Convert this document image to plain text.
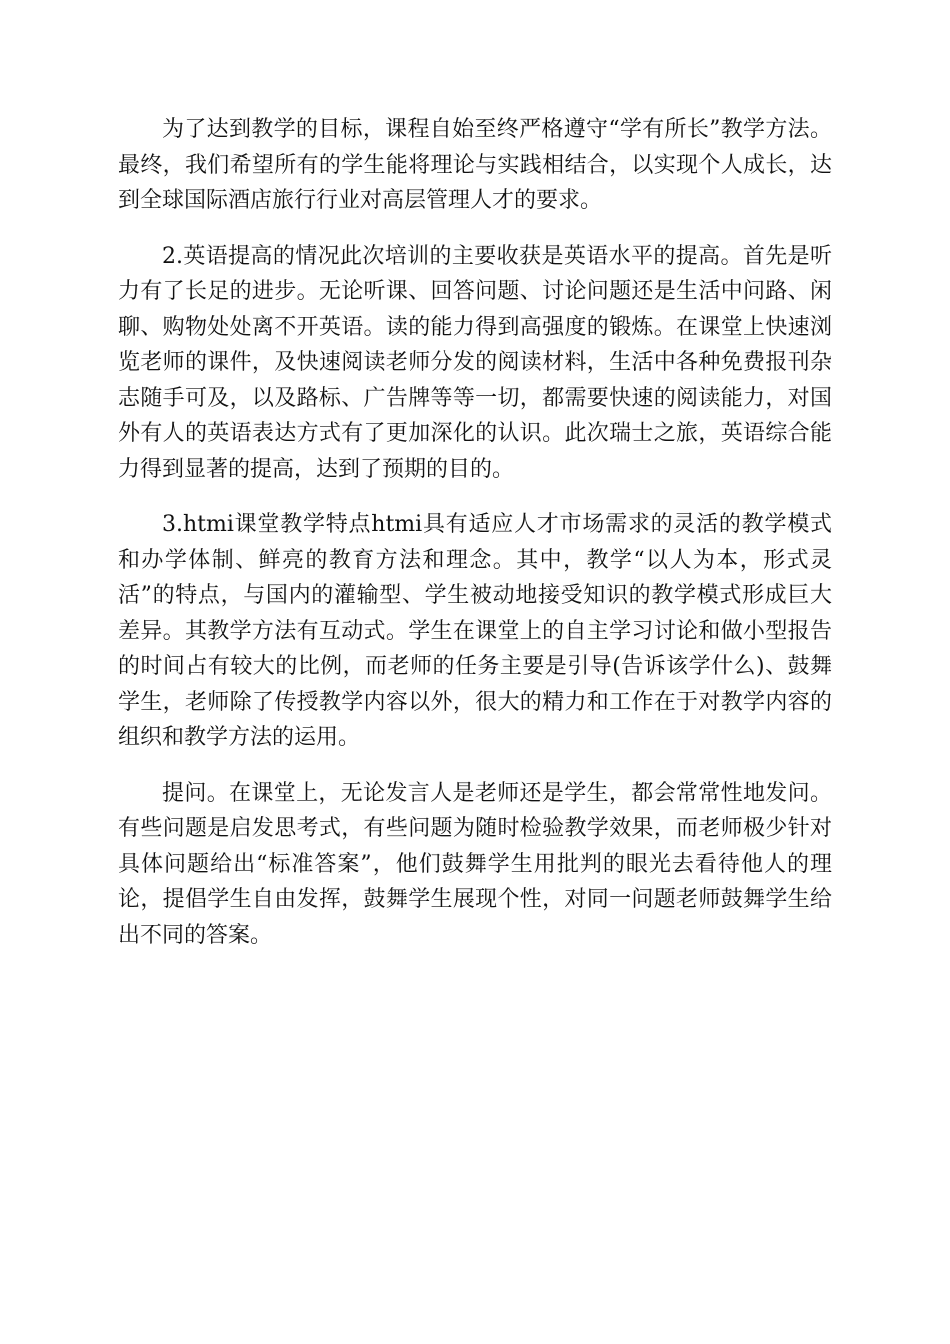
为了达到教学的目标，课程自始至终严格遵守“学有所长”教学方法。最终，我们希望所有的学生能将理论与实践相结合，以实现个人成长，达到全球国际酒店旅行行业对高层管理人才的要求。

2.英语提高的情况此次培训的主要收获是英语水平的提高。首先是听力有了长足的进步。无论听课、回答问题、讨论问题还是生活中问路、闲聊、购物处处离不开英语。读的能力得到高强度的锻炼。在课堂上快速浏览老师的课件，及快速阅读老师分发的阅读材料，生活中各种免费报刊杂志随手可及，以及路标、广告牌等等一切，都需要快速的阅读能力，对国外有人的英语表达方式有了更加深化的认识。此次瑞士之旅，英语综合能力得到显著的提高，达到了预期的目的。

3.htmi课堂教学特点htmi具有适应人才市场需求的灵活的教学模式和办学体制、鲜亮的教育方法和理念。其中，教学“以人为本，形式灵活”的特点，与国内的灌输型、学生被动地接受知识的教学模式形成巨大差异。其教学方法有互动式。学生在课堂上的自主学习讨论和做小型报告的时间占有较大的比例，而老师的任务主要是引导(告诉该学什么)、鼓舞学生，老师除了传授教学内容以外，很大的精力和工作在于对教学内容的组织和教学方法的运用。

提问。在课堂上，无论发言人是老师还是学生，都会常常性地发问。有些问题是启发思考式，有些问题为随时检验教学效果，而老师极少针对具体问题给出“标准答案”，他们鼓舞学生用批判的眼光去看待他人的理论，提倡学生自由发挥，鼓舞学生展现个性，对同一问题老师鼓舞学生给出不同的答案。
